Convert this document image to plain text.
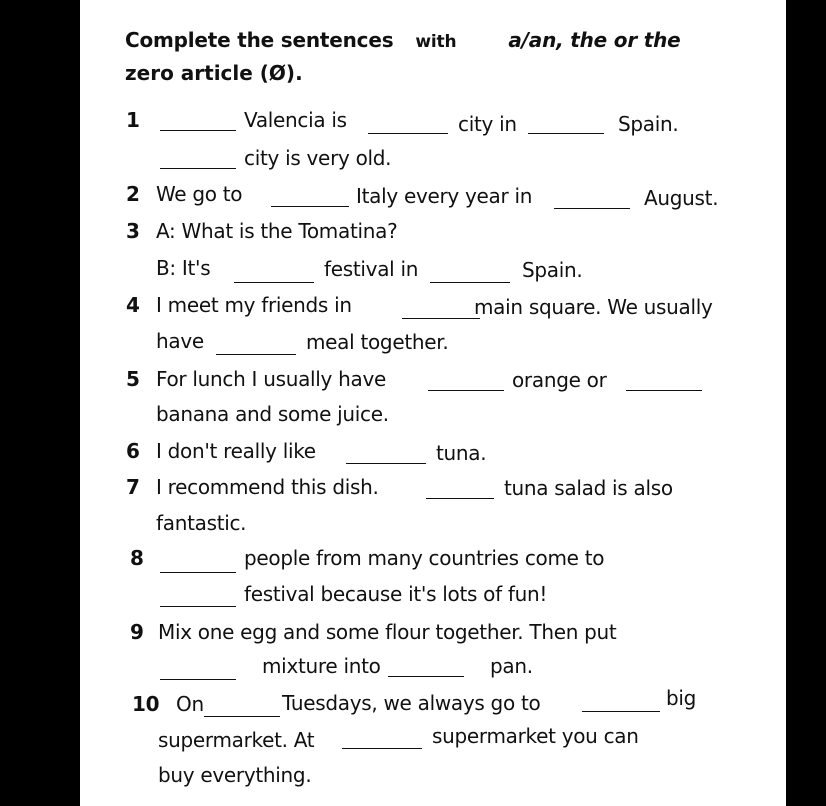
Complete the sentences with	a/an, the or the
zero article (Ø).
1	Valencia is	city in	Spain.
city is very old.
2 We go to	Italy every year in	August.
3 A: What is the Tomatina?
B: It's	festival in	Spain.
4 I meet my friends in	main square. We usually
have	meal together.
5 For lunch I usually have	orange or
banana and some juice.
6 I don't really like	tuna.
7 I recommend this dish.	tuna salad is also
fantastic.
8	people from many countries come to
festival because it's lots of fun!
9 Mix one egg and some flour together. Then put
mixture into	pan.
10 On	Tuesdays, we always go to	big
supermarket. At	supermarket you can
buy everything.
